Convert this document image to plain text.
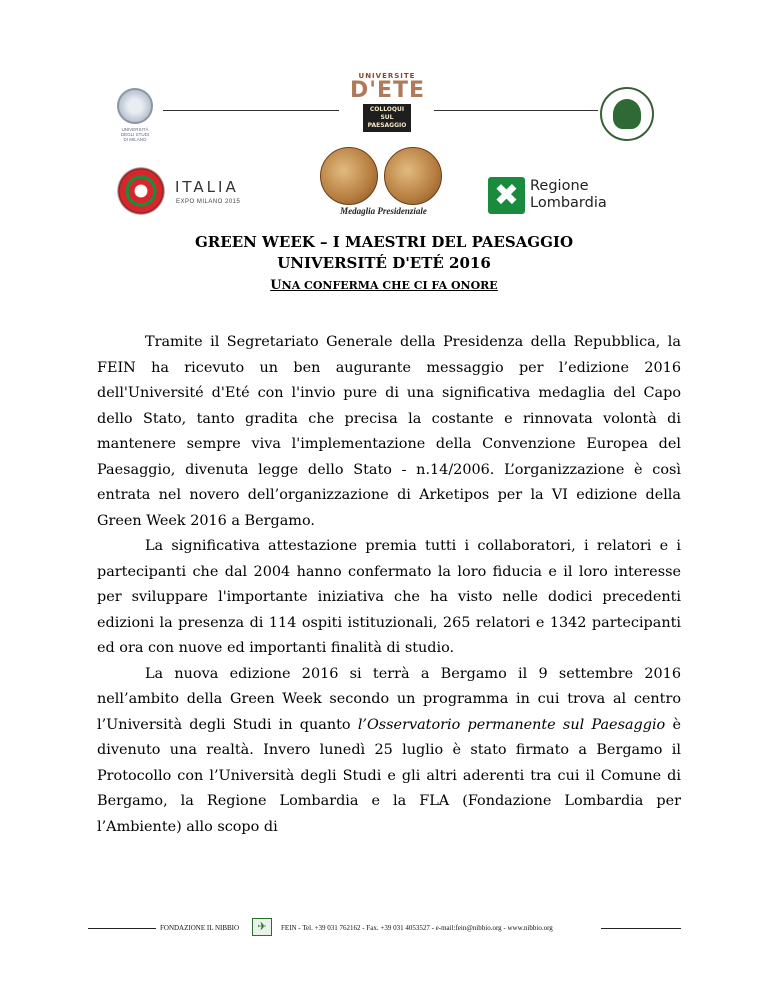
UNIVERSITÀ
DEGLI STUDI
DI MILANO
UNIVERSITE
D'ETE
COLLOQUI SUL
PAESAGGIO
ITALIA
EXPO MILANO 2015
Medaglia Presidenziale	✖ Regione
Lombardia
GREEN WEEK – I MAESTRI DEL PAESAGGIO
UNIVERSITÉ D'ETÉ 2016
UNA CONFERMA CHE CI FA ONORE

Tramite il Segretariato Generale della Presidenza della Repubblica, la FEIN ha ricevuto un ben augurante messaggio per l’edizione 2016 dell'Université d'Eté con l'invio pure di una significativa medaglia del Capo dello Stato, tanto gradita che precisa la costante e rinnovata volontà di mantenere sempre viva l'implementazione della Convenzione Europea del Paesaggio, divenuta legge dello Stato - n.14/2006. L’organizzazione è così entrata nel novero dell’organizzazione di Arketipos per la VI edizione della Green Week 2016 a Bergamo.

La significativa attestazione premia tutti i collaboratori, i relatori e i partecipanti che dal 2004 hanno confermato la loro fiducia e il loro interesse per sviluppare l'importante iniziativa che ha visto nelle dodici precedenti edizioni la presenza di 114 ospiti istituzionali, 265 relatori e 1342 partecipanti ed ora con nuove ed importanti finalità di studio.

La nuova edizione 2016 si terrà a Bergamo il 9 settembre 2016 nell’ambito della Green Week secondo un programma in cui trova al centro l’Università degli Studi in quanto l’Osservatorio permanente sul Paesaggio è divenuto una realtà. Invero lunedì 25 luglio è stato firmato a Bergamo il Protocollo con l’Università degli Studi e gli altri aderenti tra cui il Comune di Bergamo, la Regione Lombardia e la FLA (Fondazione Lombardia per l’Ambiente) allo scopo di

FONDAZIONE IL NIBBIO	✈	FEIN - Tel. +39 031 762162 - Fax. +39 031 4053527 - e-mail:fein@nibbio.org - www.nibbio.org
